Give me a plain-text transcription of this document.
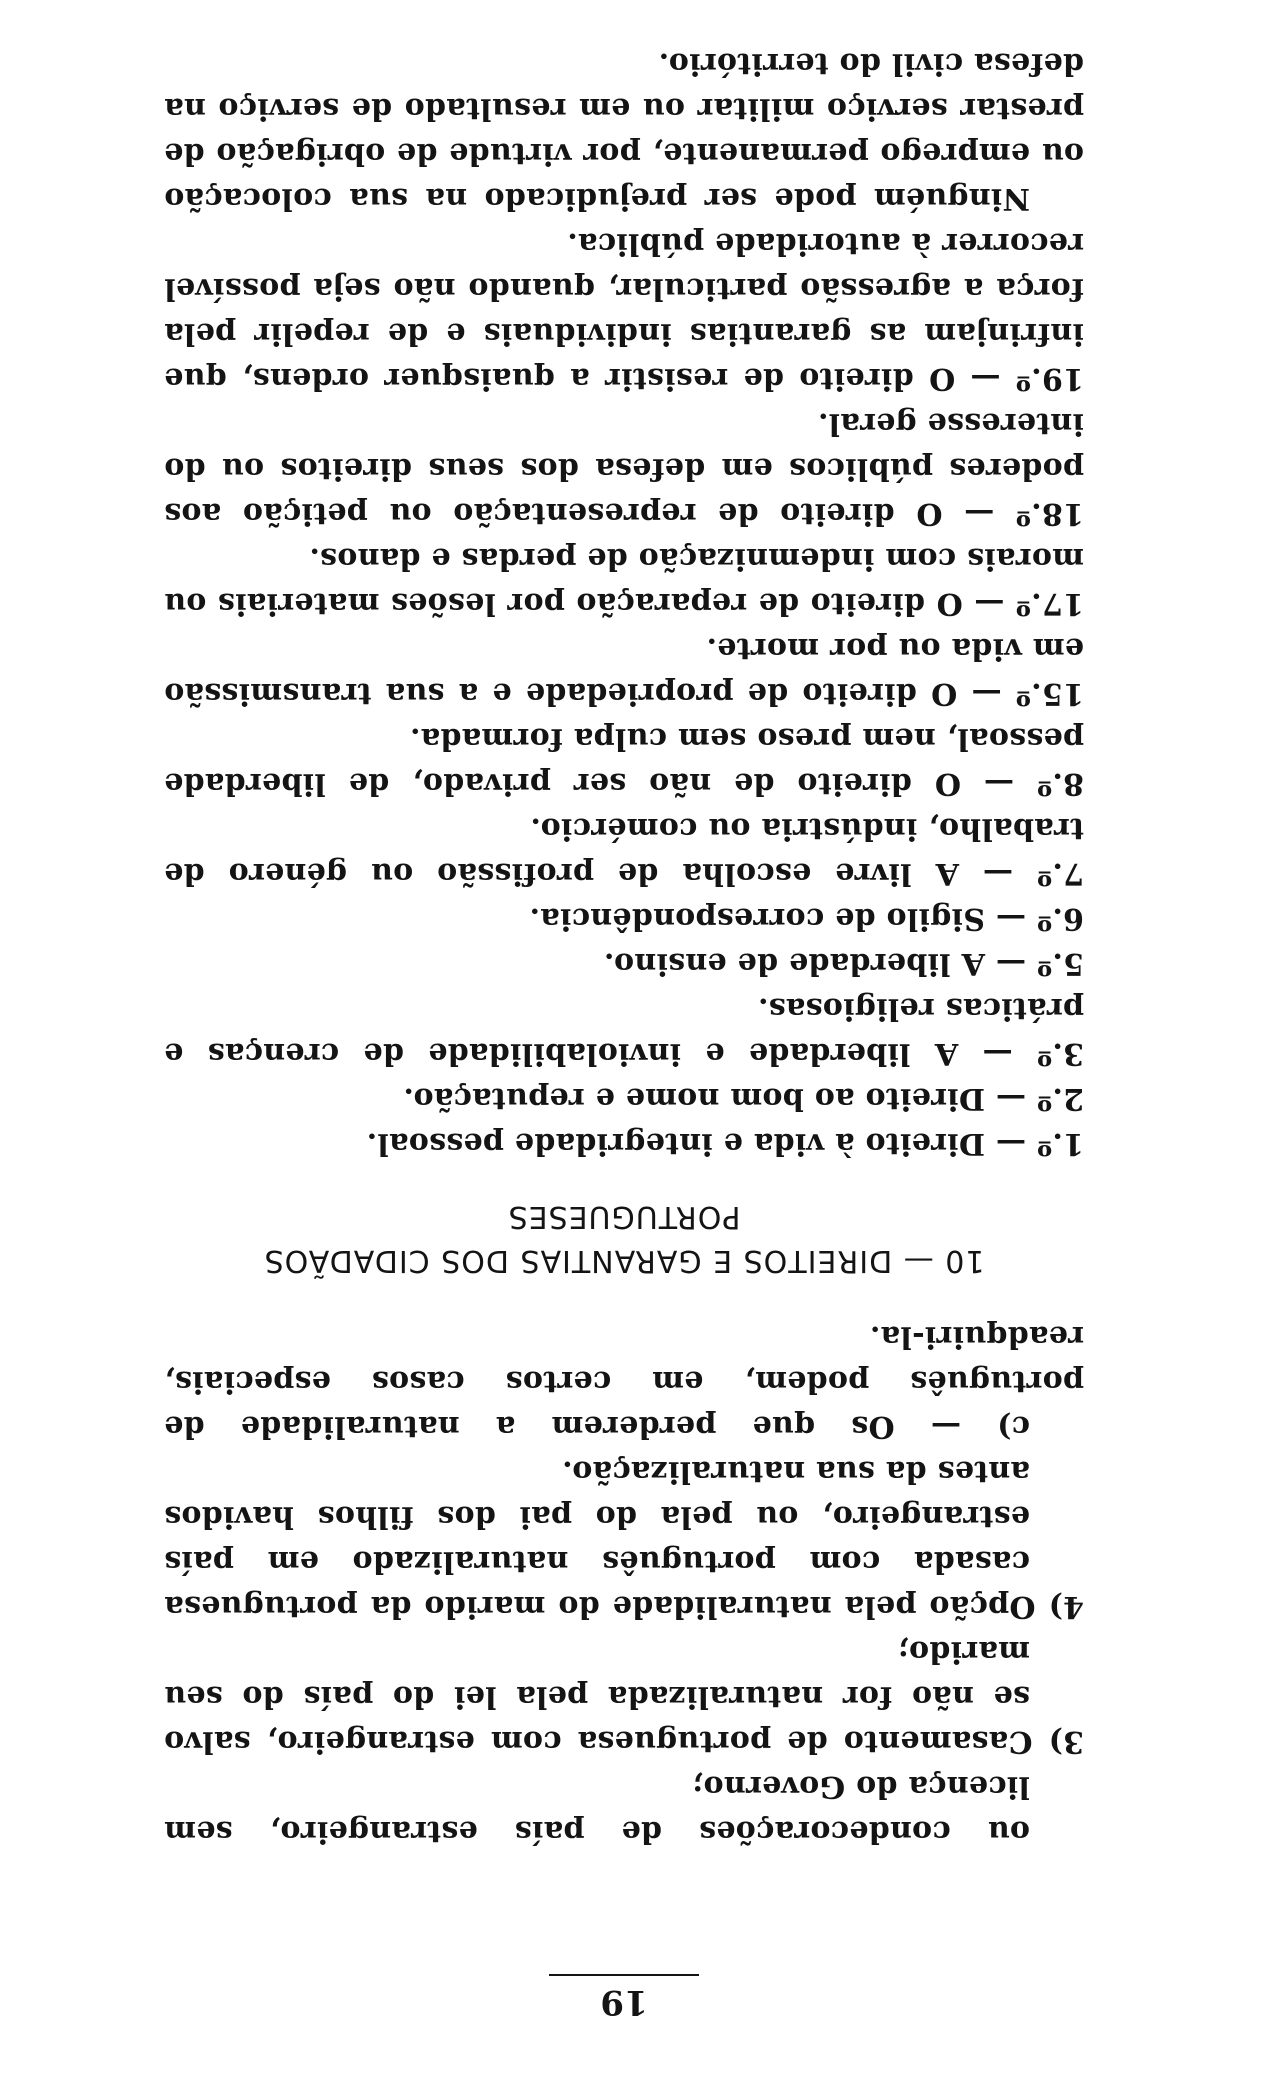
19

ou condecorações de país estrangeiro, sem licença do Governo;

3) Casamento de portuguesa com estrangeiro, salvo se não for naturalizada pela lei do país do seu marido;

4) Opção pela naturalidade do marido da portuguesa casada com português naturalizado em país estrangeiro, ou pela do pai dos filhos havidos antes da sua naturalização.

c) — Os que perderem a naturalidade de português podem, em certos casos especiais, readquiri-la.

10 — DIREITOS E GARANTIAS DOS CIDADÃOS
PORTUGUESES

1.º — Direito à vida e integridade pessoal.

2.º — Direito ao bom nome e reputação.

3.º — A liberdade e inviolabilidade de crenças e práticas religiosas.

5.º — A liberdade de ensino.

6.º — Sigilo de correspondência.

7.º — A livre escolha de profissão ou género de trabalho, indústria ou comércio.

8.º — O direito de não ser privado, de liberdade pessoal, nem preso sem culpa formada.

15.º — O direito de propriedade e a sua transmissão em vida ou por morte.

17.º — O direito de reparação por lesões materiais ou morais com indemnização de perdas e danos.

18.º — O direito de representação ou petição aos poderes públicos em defesa dos seus direitos ou do interesse geral.

19.º — O direito de resistir a quaisquer ordens, que infrinjam as garantias individuais e de repelir pela força a agressão particular, quando não seja possível recorrer à autoridade pública.

Ninguém pode ser prejudicado na sua colocação ou emprego permanente, por virtude de obrigação de prestar serviço militar ou em resultado de serviço na defesa civil do território.
